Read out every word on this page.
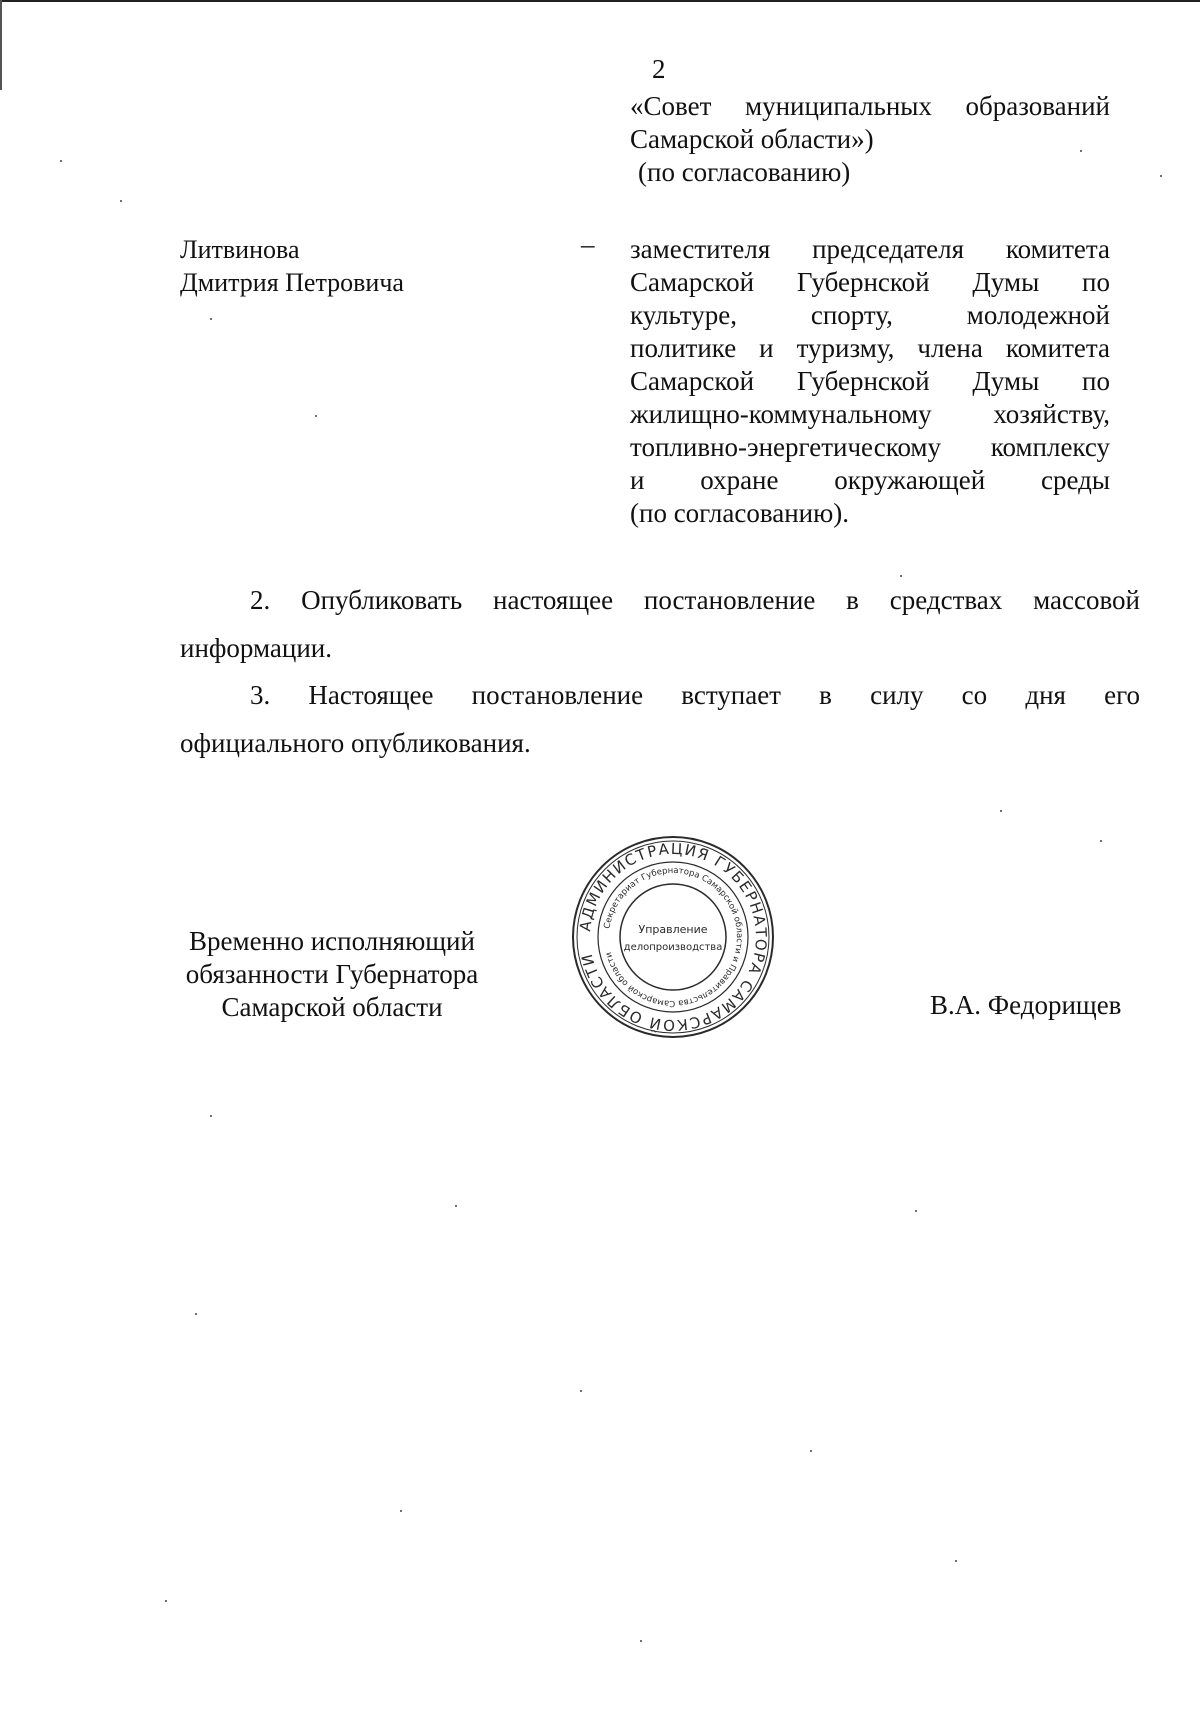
2
«Совет муниципальных образований
Самарской области»)
(по согласованию)
Литвинова
Дмитрия Петровича
– заместителя председателя комитета
Самарской Губернской Думы по
культуре, спорту, молодежной
политике и туризму, члена комитета
Самарской Губернской Думы по
жилищно-коммунальному хозяйству,
топливно-энергетическому комплексу
и охране окружающей среды
(по согласованию).
2. Опубликовать настоящее постановление в средствах массовой
информации.
3. Настоящее постановление вступает в силу со дня его
официального опубликования.
Временно исполняющий
обязанности Губернатора
Самарской области	В.А. Федорищев
АДМИНИСТРАЦИЯ ГУБЕРНАТОРА САМАРСКОЙ ОБЛАСТИ
Секретариат Губернатора Самарской области и Правительства Самарской области
Управление
делопроизводства
